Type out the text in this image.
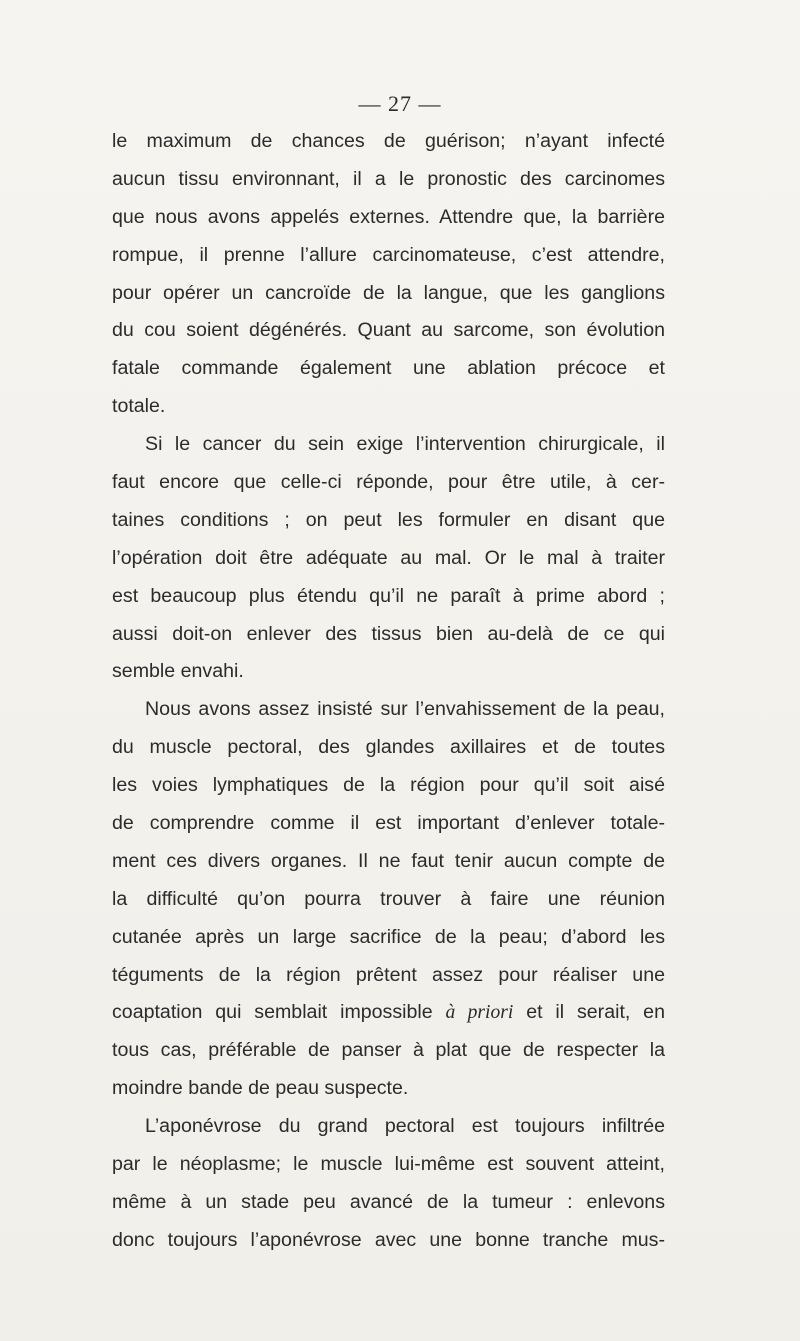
— 27 —
le maximum de chances de guérison; n’ayant infecté
aucun tissu environnant, il a le pronostic des carcinomes
que nous avons appelés externes. Attendre que, la barrière
rompue, il prenne l’allure carcinomateuse, c’est attendre,
pour opérer un cancroïde de la langue, que les ganglions
du cou soient dégénérés. Quant au sarcome, son évolution
fatale commande également une ablation précoce et
totale.
Si le cancer du sein exige l’intervention chirurgicale, il
faut encore que celle-ci réponde, pour être utile, à cer-
taines conditions ; on peut les formuler en disant que
l’opération doit être adéquate au mal. Or le mal à traiter
est beaucoup plus étendu qu’il ne paraît à prime abord ;
aussi doit-on enlever des tissus bien au-delà de ce qui
semble envahi.
Nous avons assez insisté sur l’envahissement de la peau,
du muscle pectoral, des glandes axillaires et de toutes
les voies lymphatiques de la région pour qu’il soit aisé
de comprendre comme il est important d’enlever totale-
ment ces divers organes. Il ne faut tenir aucun compte de
la difficulté qu’on pourra trouver à faire une réunion
cutanée après un large sacrifice de la peau; d’abord les
téguments de la région prêtent assez pour réaliser une
coaptation qui semblait impossible à priori et il serait, en
tous cas, préférable de panser à plat que de respecter la
moindre bande de peau suspecte.
L’aponévrose du grand pectoral est toujours infiltrée
par le néoplasme; le muscle lui-même est souvent atteint,
même à un stade peu avancé de la tumeur : enlevons
donc toujours l’aponévrose avec une bonne tranche mus-
